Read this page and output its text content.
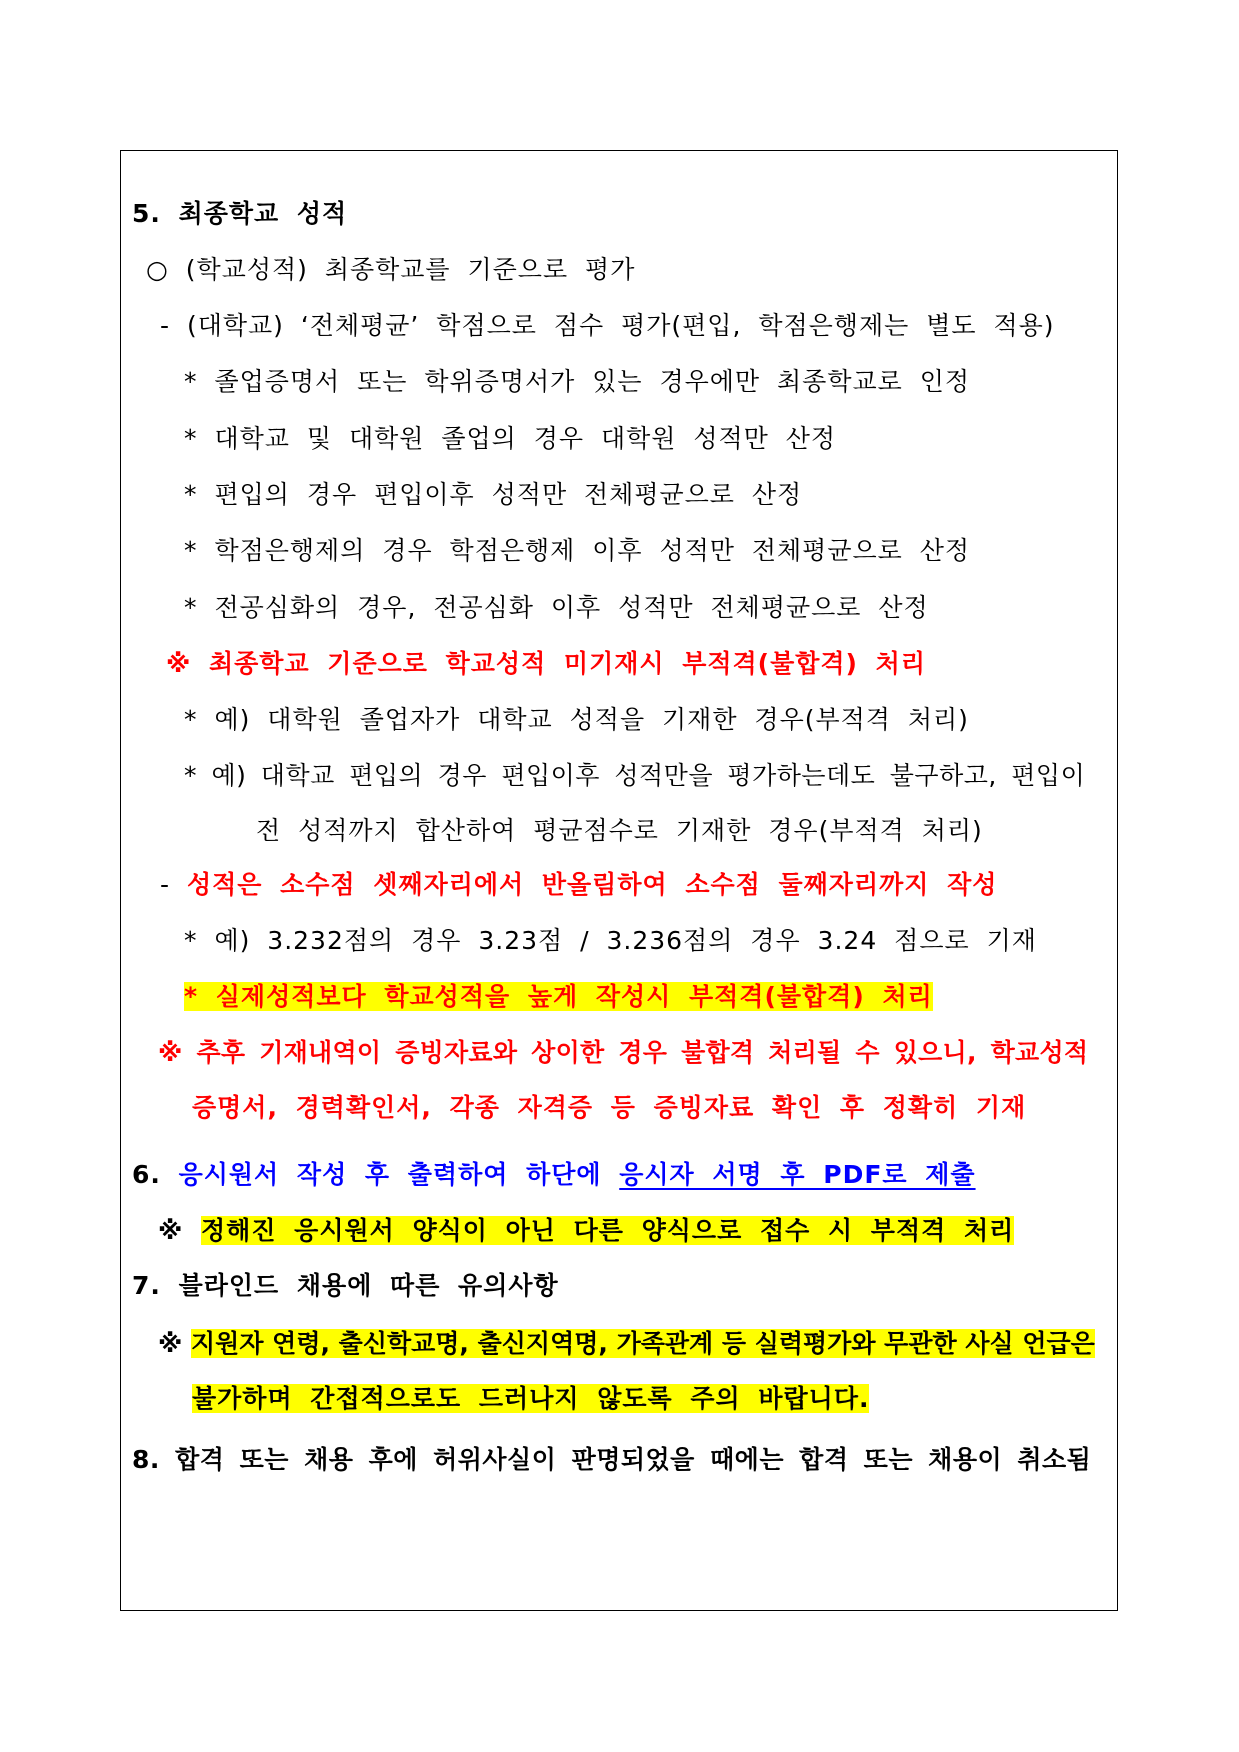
5. 최종학교 성적
○ (학교성적) 최종학교를 기준으로 평가
- (대학교) ‘전체평균’ 학점으로 점수 평가(편입, 학점은행제는 별도 적용)
* 졸업증명서 또는 학위증명서가 있는 경우에만 최종학교로 인정
* 대학교 및 대학원 졸업의 경우 대학원 성적만 산정
* 편입의 경우 편입이후 성적만 전체평균으로 산정
* 학점은행제의 경우 학점은행제 이후 성적만 전체평균으로 산정
* 전공심화의 경우, 전공심화 이후 성적만 전체평균으로 산정
※ 최종학교 기준으로 학교성적 미기재시 부적격(불합격) 처리
* 예) 대학원 졸업자가 대학교 성적을 기재한 경우(부적격 처리)
* 예) 대학교 편입의 경우 편입이후 성적만을 평가하는데도 불구하고, 편입이
전 성적까지 합산하여 평균점수로 기재한 경우(부적격 처리)
- 성적은 소수점 셋째자리에서 반올림하여 소수점 둘째자리까지 작성
* 예) 3.232점의 경우 3.23점 / 3.236점의 경우 3.24 점으로 기재
* 실제성적보다 학교성적을 높게 작성시 부적격(불합격) 처리
※ 추후 기재내역이 증빙자료와 상이한 경우 불합격 처리될 수 있으니, 학교성적
증명서, 경력확인서, 각종 자격증 등 증빙자료 확인 후 정확히 기재
6. 응시원서 작성 후 출력하여 하단에 응시자 서명 후 PDF로 제출
※ 정해진 응시원서 양식이 아닌 다른 양식으로 접수 시 부적격 처리
7. 블라인드 채용에 따른 유의사항
※ 지원자 연령, 출신학교명, 출신지역명, 가족관계 등 실력평가와 무관한 사실 언급은
불가하며 간접적으로도 드러나지 않도록 주의 바랍니다.
8. 합격 또는 채용 후에 허위사실이 판명되었을 때에는 합격 또는 채용이 취소됨
